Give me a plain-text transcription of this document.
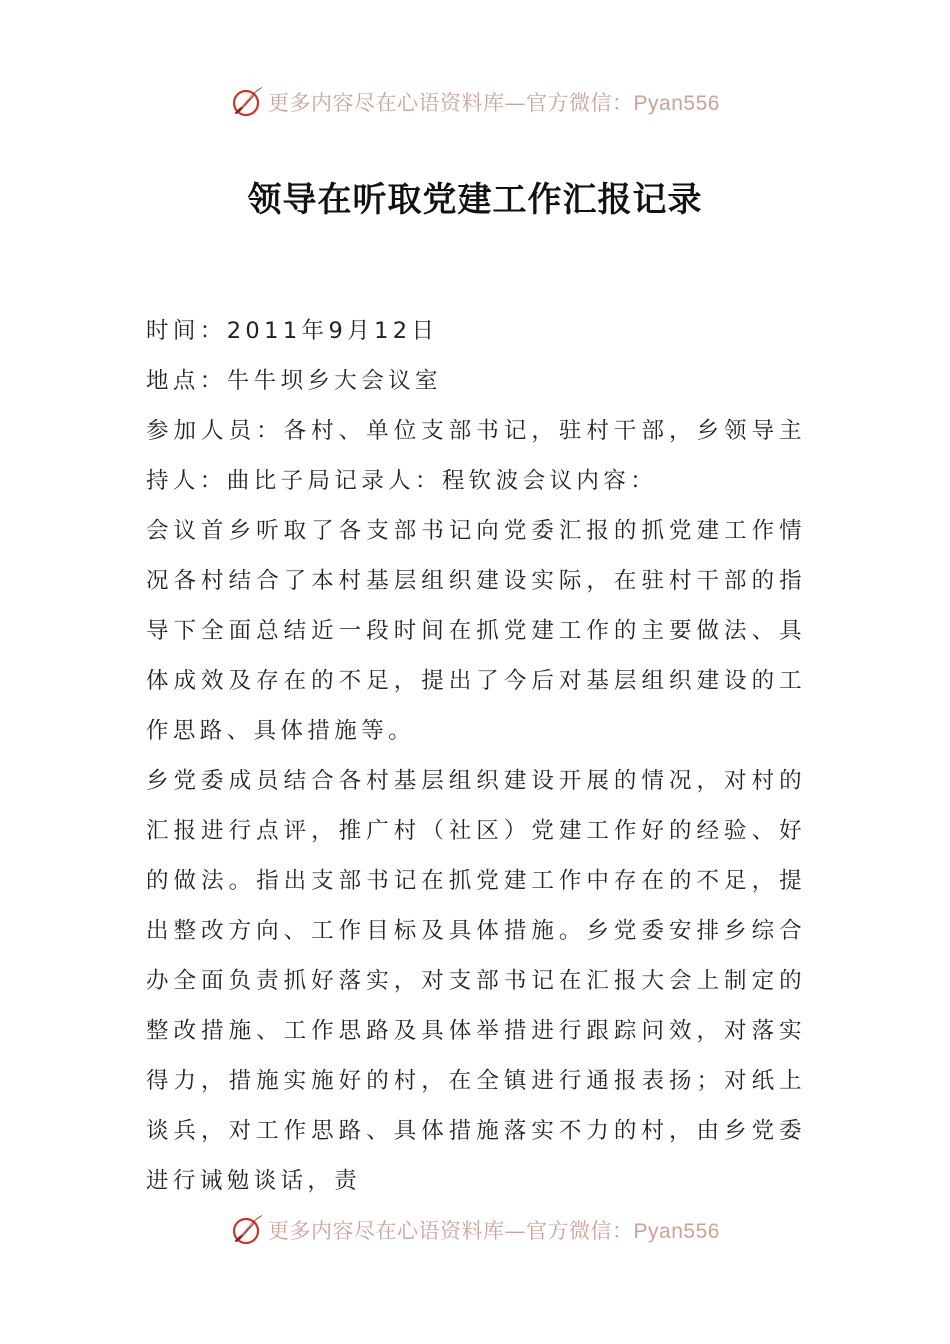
更多内容尽在心语资料库—官方微信：Pyan556
领导在听取党建工作汇报记录

时间：2011年9月12日

地点：牛牛坝乡大会议室

参加人员：各村、单位支部书记，驻村干部，乡领导主持人：曲比子局记录人：程钦波会议内容：

会议首乡听取了各支部书记向党委汇报的抓党建工作情况各村结合了本村基层组织建设实际，在驻村干部的指导下全面总结近一段时间在抓党建工作的主要做法、具体成效及存在的不足，提出了今后对基层组织建设的工作思路、具体措施等。

乡党委成员结合各村基层组织建设开展的情况，对村的汇报进行点评，推广村（社区）党建工作好的经验、好的做法。指出支部书记在抓党建工作中存在的不足，提出整改方向、工作目标及具体措施。乡党委安排乡综合办全面负责抓好落实，对支部书记在汇报大会上制定的整改措施、工作思路及具体举措进行跟踪问效，对落实得力，措施实施好的村，在全镇进行通报表扬；对纸上谈兵，对工作思路、具体措施落实不力的村，由乡党委进行诫勉谈话，责

更多内容尽在心语资料库—官方微信：Pyan556
